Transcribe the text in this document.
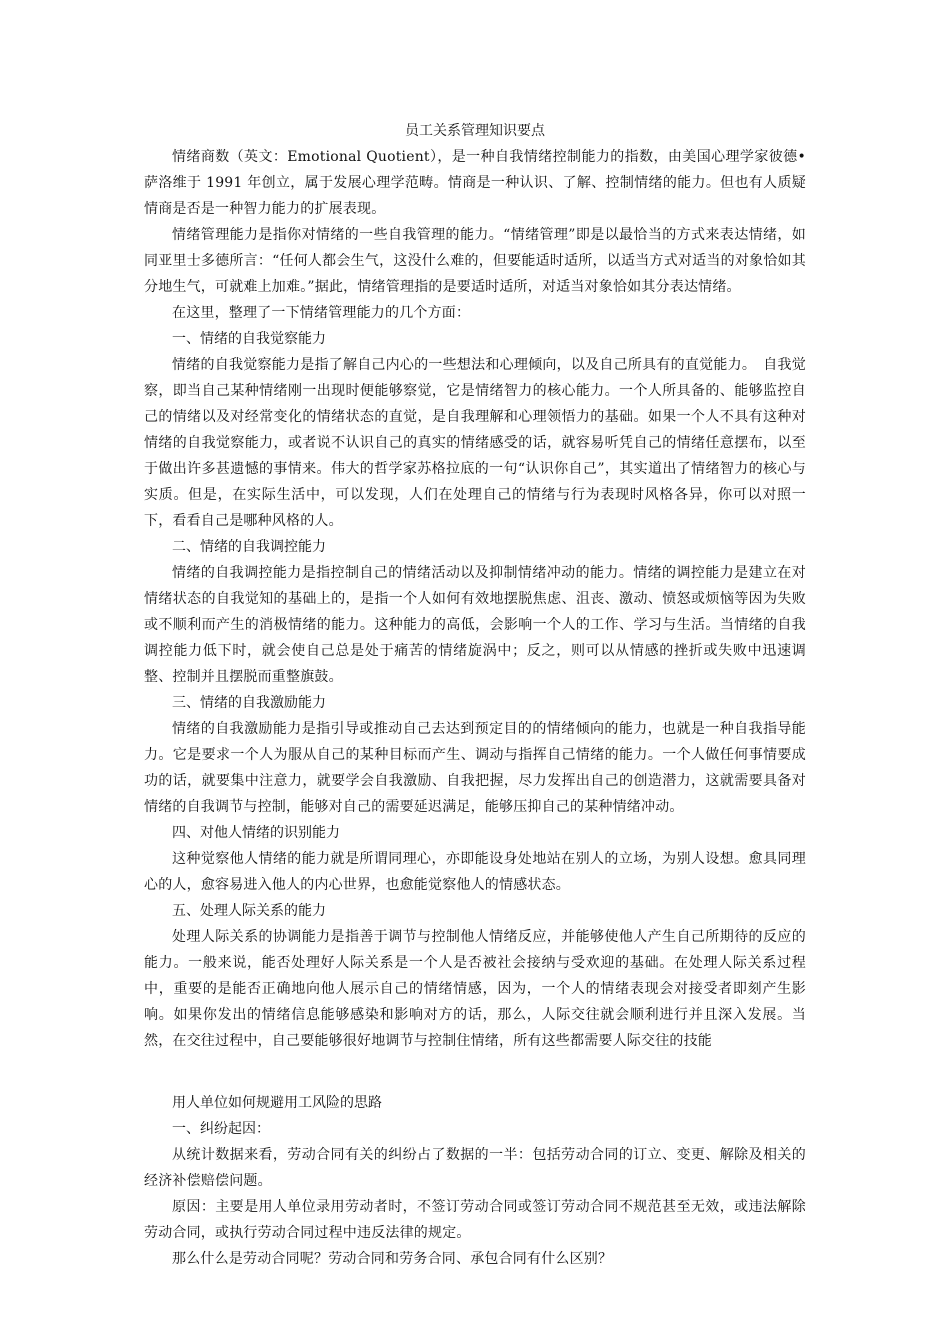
员工关系管理知识要点

情绪商数（英文：Emotional Quotient），是一种自我情绪控制能力的指数，由美国心理学家彼德•萨洛维于 1991 年创立，属于发展心理学范畴。情商是一种认识、了解、控制情绪的能力。但也有人质疑情商是否是一种智力能力的扩展表现。

情绪管理能力是指你对情绪的一些自我管理的能力。“情绪管理”即是以最恰当的方式来表达情绪，如同亚里士多德所言：“任何人都会生气，这没什么难的，但要能适时适所，以适当方式对适当的对象恰如其分地生气，可就难上加难。”据此，情绪管理指的是要适时适所，对适当对象恰如其分表达情绪。

在这里，整理了一下情绪管理能力的几个方面：

一、情绪的自我觉察能力

情绪的自我觉察能力是指了解自己内心的一些想法和心理倾向，以及自己所具有的直觉能力。　自我觉察，即当自己某种情绪刚一出现时便能够察觉，它是情绪智力的核心能力。一个人所具备的、能够监控自己的情绪以及对经常变化的情绪状态的直觉，是自我理解和心理领悟力的基础。如果一个人不具有这种对情绪的自我觉察能力，或者说不认识自己的真实的情绪感受的话，就容易听凭自己的情绪任意摆布，以至于做出许多甚遗憾的事情来。伟大的哲学家苏格拉底的一句“认识你自己”，其实道出了情绪智力的核心与实质。但是，在实际生活中，可以发现，人们在处理自己的情绪与行为表现时风格各异，你可以对照一下，看看自己是哪种风格的人。

二、情绪的自我调控能力

情绪的自我调控能力是指控制自己的情绪活动以及抑制情绪冲动的能力。情绪的调控能力是建立在对情绪状态的自我觉知的基础上的，是指一个人如何有效地摆脱焦虑、沮丧、激动、愤怒或烦恼等因为失败或不顺利而产生的消极情绪的能力。这种能力的高低，会影响一个人的工作、学习与生活。当情绪的自我调控能力低下时，就会使自己总是处于痛苦的情绪旋涡中；反之，则可以从情感的挫折或失败中迅速调整、控制并且摆脱而重整旗鼓。

三、情绪的自我激励能力

情绪的自我激励能力是指引导或推动自己去达到预定目的的情绪倾向的能力，也就是一种自我指导能力。它是要求一个人为服从自己的某种目标而产生、调动与指挥自己情绪的能力。一个人做任何事情要成功的话，就要集中注意力，就要学会自我激励、自我把握，尽力发挥出自己的创造潜力，这就需要具备对情绪的自我调节与控制，能够对自己的需要延迟满足，能够压抑自己的某种情绪冲动。

四、对他人情绪的识别能力

这种觉察他人情绪的能力就是所谓同理心，亦即能设身处地站在别人的立场，为别人设想。愈具同理心的人，愈容易进入他人的内心世界，也愈能觉察他人的情感状态。

五、处理人际关系的能力

处理人际关系的协调能力是指善于调节与控制他人情绪反应，并能够使他人产生自己所期待的反应的能力。一般来说，能否处理好人际关系是一个人是否被社会接纳与受欢迎的基础。在处理人际关系过程中，重要的是能否正确地向他人展示自己的情绪情感，因为，一个人的情绪表现会对接受者即刻产生影响。如果你发出的情绪信息能够感染和影响对方的话，那么，人际交往就会顺利进行并且深入发展。当然，在交往过程中，自己要能够很好地调节与控制住情绪，所有这些都需要人际交往的技能

用人单位如何规避用工风险的思路

一、纠纷起因：

从统计数据来看，劳动合同有关的纠纷占了数据的一半：包括劳动合同的订立、变更、解除及相关的经济补偿赔偿问题。

原因：主要是用人单位录用劳动者时，不签订劳动合同或签订劳动合同不规范甚至无效，或违法解除劳动合同，或执行劳动合同过程中违反法律的规定。

那么什么是劳动合同呢？劳动合同和劳务合同、承包合同有什么区别？
